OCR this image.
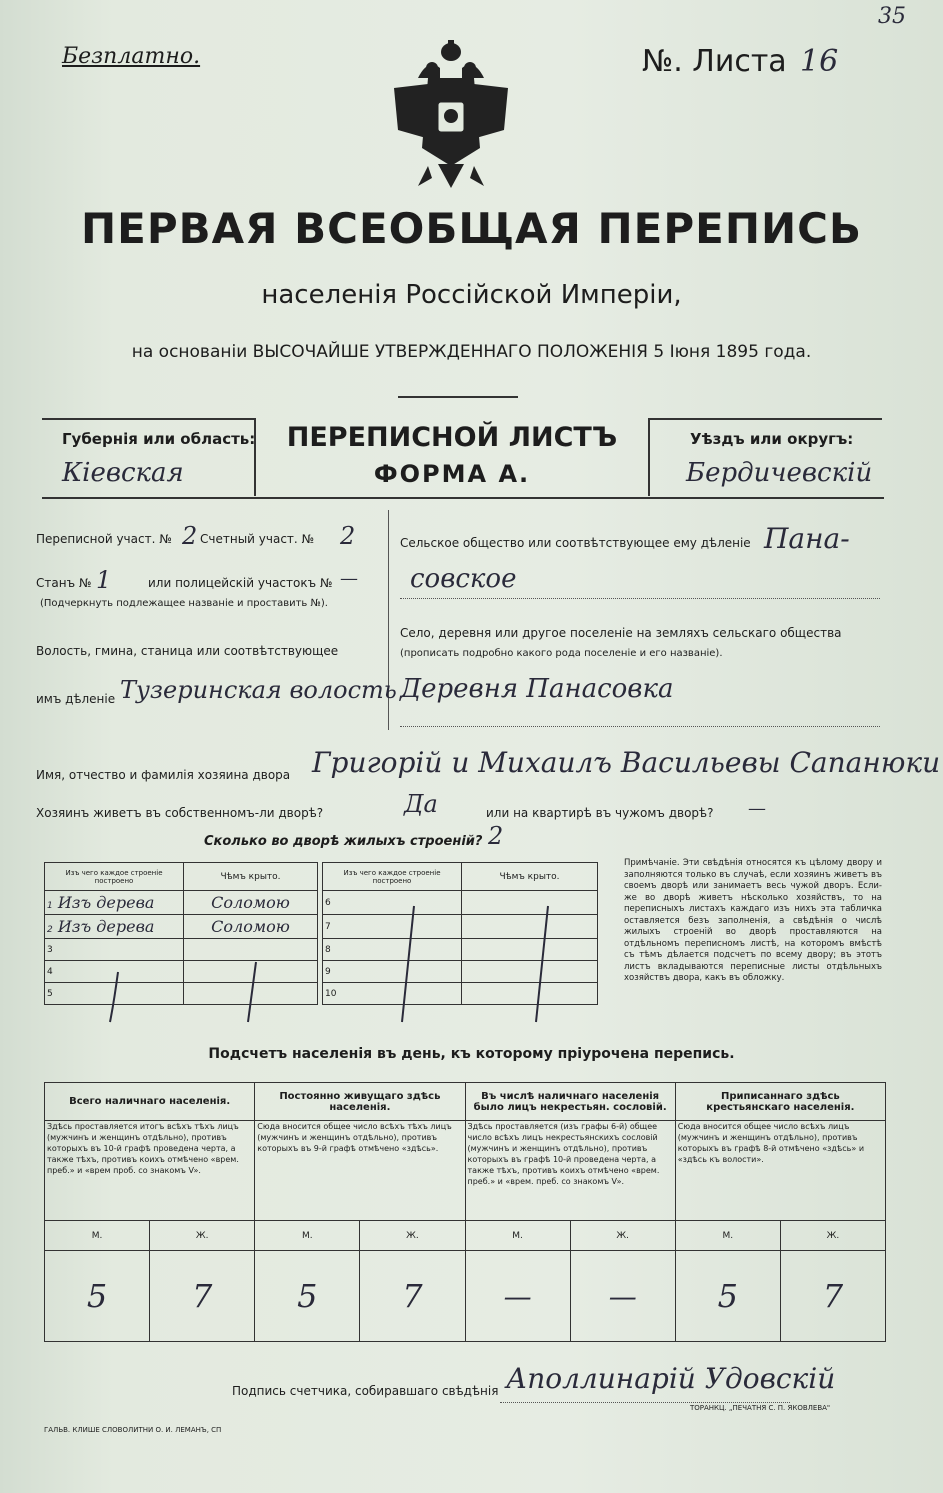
35
Безплатно.	№. Листа 16
ПЕРВАЯ ВСЕОБЩАЯ ПЕРЕПИСЬ
населенія Россійской Имперіи,
на основаніи ВЫСОЧАЙШЕ УТВЕРЖДЕННАГО ПОЛОЖЕНІЯ 5 Іюня 1895 года.
Губернія или область:
Кіевская
ПЕРЕПИСНОЙ ЛИСТЪ
ФОРМА А.
Уѣздъ или округъ:
Бердичевскій
Переписной участ. № 2 Счетный участ. № 2
Станъ № 1	или полицейскій участокъ № —
(Подчеркнуть подлежащее названіе и проставить №).
Волость, гмина, станица или соотвѣтствующее
имъ дѣленіе Тузеринская волость
Сельское общество или соотвѣтствующее ему дѣленіе Пана-
совское
Село, деревня или другое поселеніе на земляхъ сельскаго общества
(прописать подробно какого рода поселеніе и его названіе).
Деревня Панасовка
Имя, отчество и фамилія хозяина двора Григорій и Михаилъ Васильевы Сапанюки
Хозяинъ живетъ въ собственномъ-ли дворѣ?	Да	или на квартирѣ въ чужомъ дворѣ? —
Сколько во дворѣ жилыхъ строеній? 2
Изъ чего каждое строеніе построено	Чѣмъ крыто.
1 Изъ дерева	Соломою
2 Изъ дерева	Соломою
3	
4	
5	
Изъ чего каждое строеніе построено	Чѣмъ крыто.
6	
7	
8	
9	
10	
Примѣчаніе. Эти свѣдѣнія относятся къ цѣлому двору и заполняются только въ случаѣ, если хозяинъ живетъ въ своемъ дворѣ или занимаетъ весь чужой дворъ. Если-же во дворѣ живетъ нѣсколько хозяйствъ, то на переписныхъ листахъ каждаго изъ нихъ эта табличка оставляется безъ заполненія, а свѣдѣнія о числѣ жилыхъ строеній во дворѣ проставляются на отдѣльномъ переписномъ листѣ, на которомъ вмѣстѣ съ тѣмъ дѣлается подсчетъ по всему двору; въ этотъ листъ вкладываются переписные листы отдѣльныхъ хозяйствъ двора, какъ въ обложку.
Подсчетъ населенія въ день, къ которому пріурочена перепись.
Всего наличнаго населенія.		Постоянно живущаго здѣсь населенія.		Въ числѣ наличнаго населенія было лицъ некрестьян. сословій.		Приписаннаго здѣсь крестьянскаго населенія.	
Здѣсь проставляется итогъ всѣхъ тѣхъ лицъ (мужчинъ и женщинъ отдѣльно), противъ которыхъ въ 10-й графѣ проведена черта, а также тѣхъ, противъ коихъ отмѣчено «врем. преб.» и «врем проб. со знакомъ V».		Сюда вносится общее число всѣхъ тѣхъ лицъ (мужчинъ и женщинъ отдѣльно), противъ которыхъ въ 9-й графѣ отмѣчено «здѣсь».		Здѣсь проставляется (изъ графы 6-й) общее число всѣхъ лицъ некрестьянскихъ сословій (мужчинъ и женщинъ отдѣльно), противъ которыхъ въ графѣ 10-й проведена черта, а также тѣхъ, противъ коихъ отмѣчено «врем. преб.» и «врем. преб. со знакомъ V».		Сюда вносится общее число всѣхъ лицъ (мужчинъ и женщинъ отдѣльно), противъ которыхъ въ графѣ 8-й отмѣчено «здѣсь» и «здѣсь къ волости».	
М.	Ж.	М.	Ж.	М.	Ж.	М.	Ж.
5	7	5	7	—	—	5	7
Подпись счетчика, собиравшаго свѣдѣнія Аполлинарій Удовскій
ГАЛЬВ. КЛИШЕ СЛОВОЛИТНИ О. И. ЛЕМАНЪ, СП
ТОРАНКЦ. „ПЕЧАТНЯ С. П. ЯКОВЛЕВА"
